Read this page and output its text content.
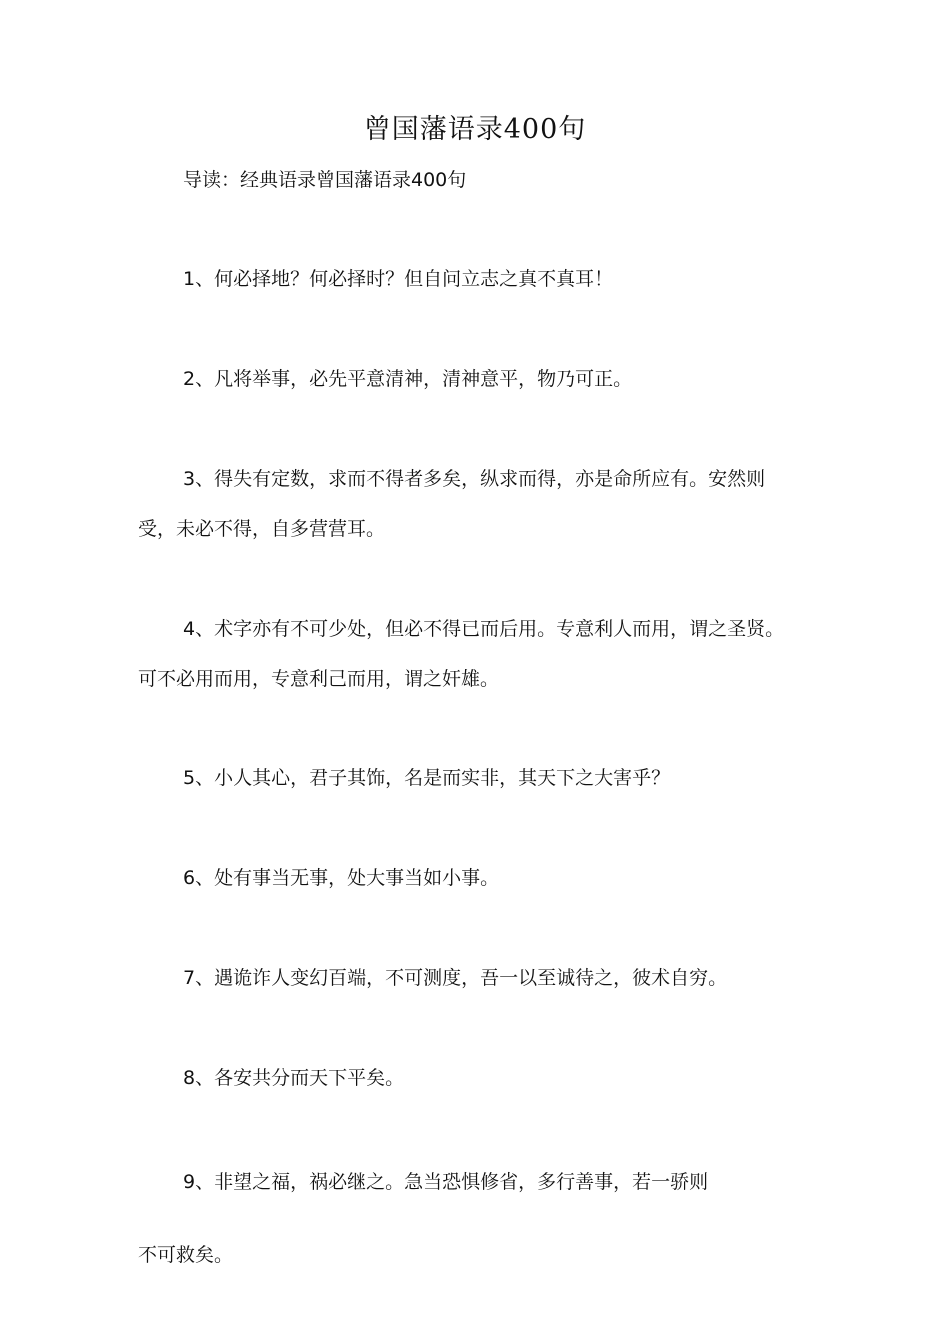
曾国藩语录400句
导读：经典语录曾国藩语录400句
1、何必择地？何必择时？但自问立志之真不真耳！
2、凡将举事，必先平意清神，清神意平，物乃可正。
3、得失有定数，求而不得者多矣，纵求而得，亦是命所应有。安然则
受，未必不得，自多营营耳。
4、术字亦有不可少处，但必不得已而后用。专意利人而用，谓之圣贤。
可不必用而用，专意利己而用，谓之奸雄。
5、小人其心，君子其饰，名是而实非，其天下之大害乎？
6、处有事当无事，处大事当如小事。
7、遇诡诈人变幻百端，不可测度，吾一以至诚待之，彼术自穷。
8、各安共分而天下平矣。
9、非望之福，祸必继之。急当恐惧修省，多行善事，若一骄则
不可救矣。
